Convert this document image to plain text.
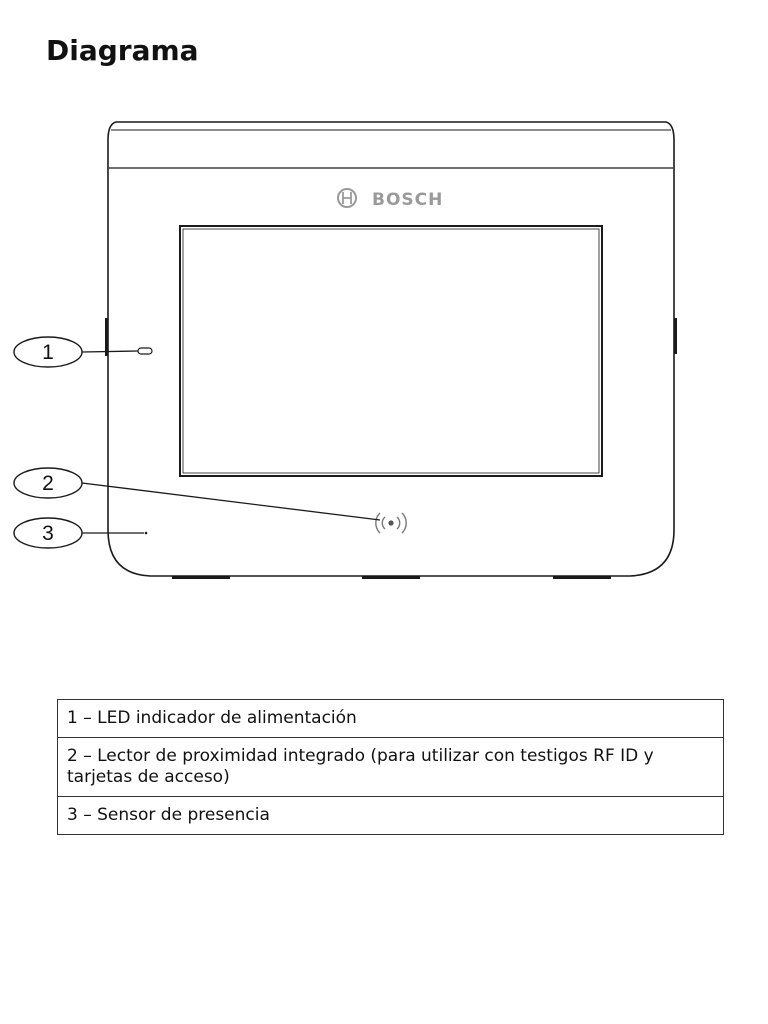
Diagrama
BOSCH
1
2
3
1 – LED indicador de alimentación
2 – Lector de proximidad integrado (para utilizar con testigos RF ID y tarjetas de acceso)
3 – Sensor de presencia
